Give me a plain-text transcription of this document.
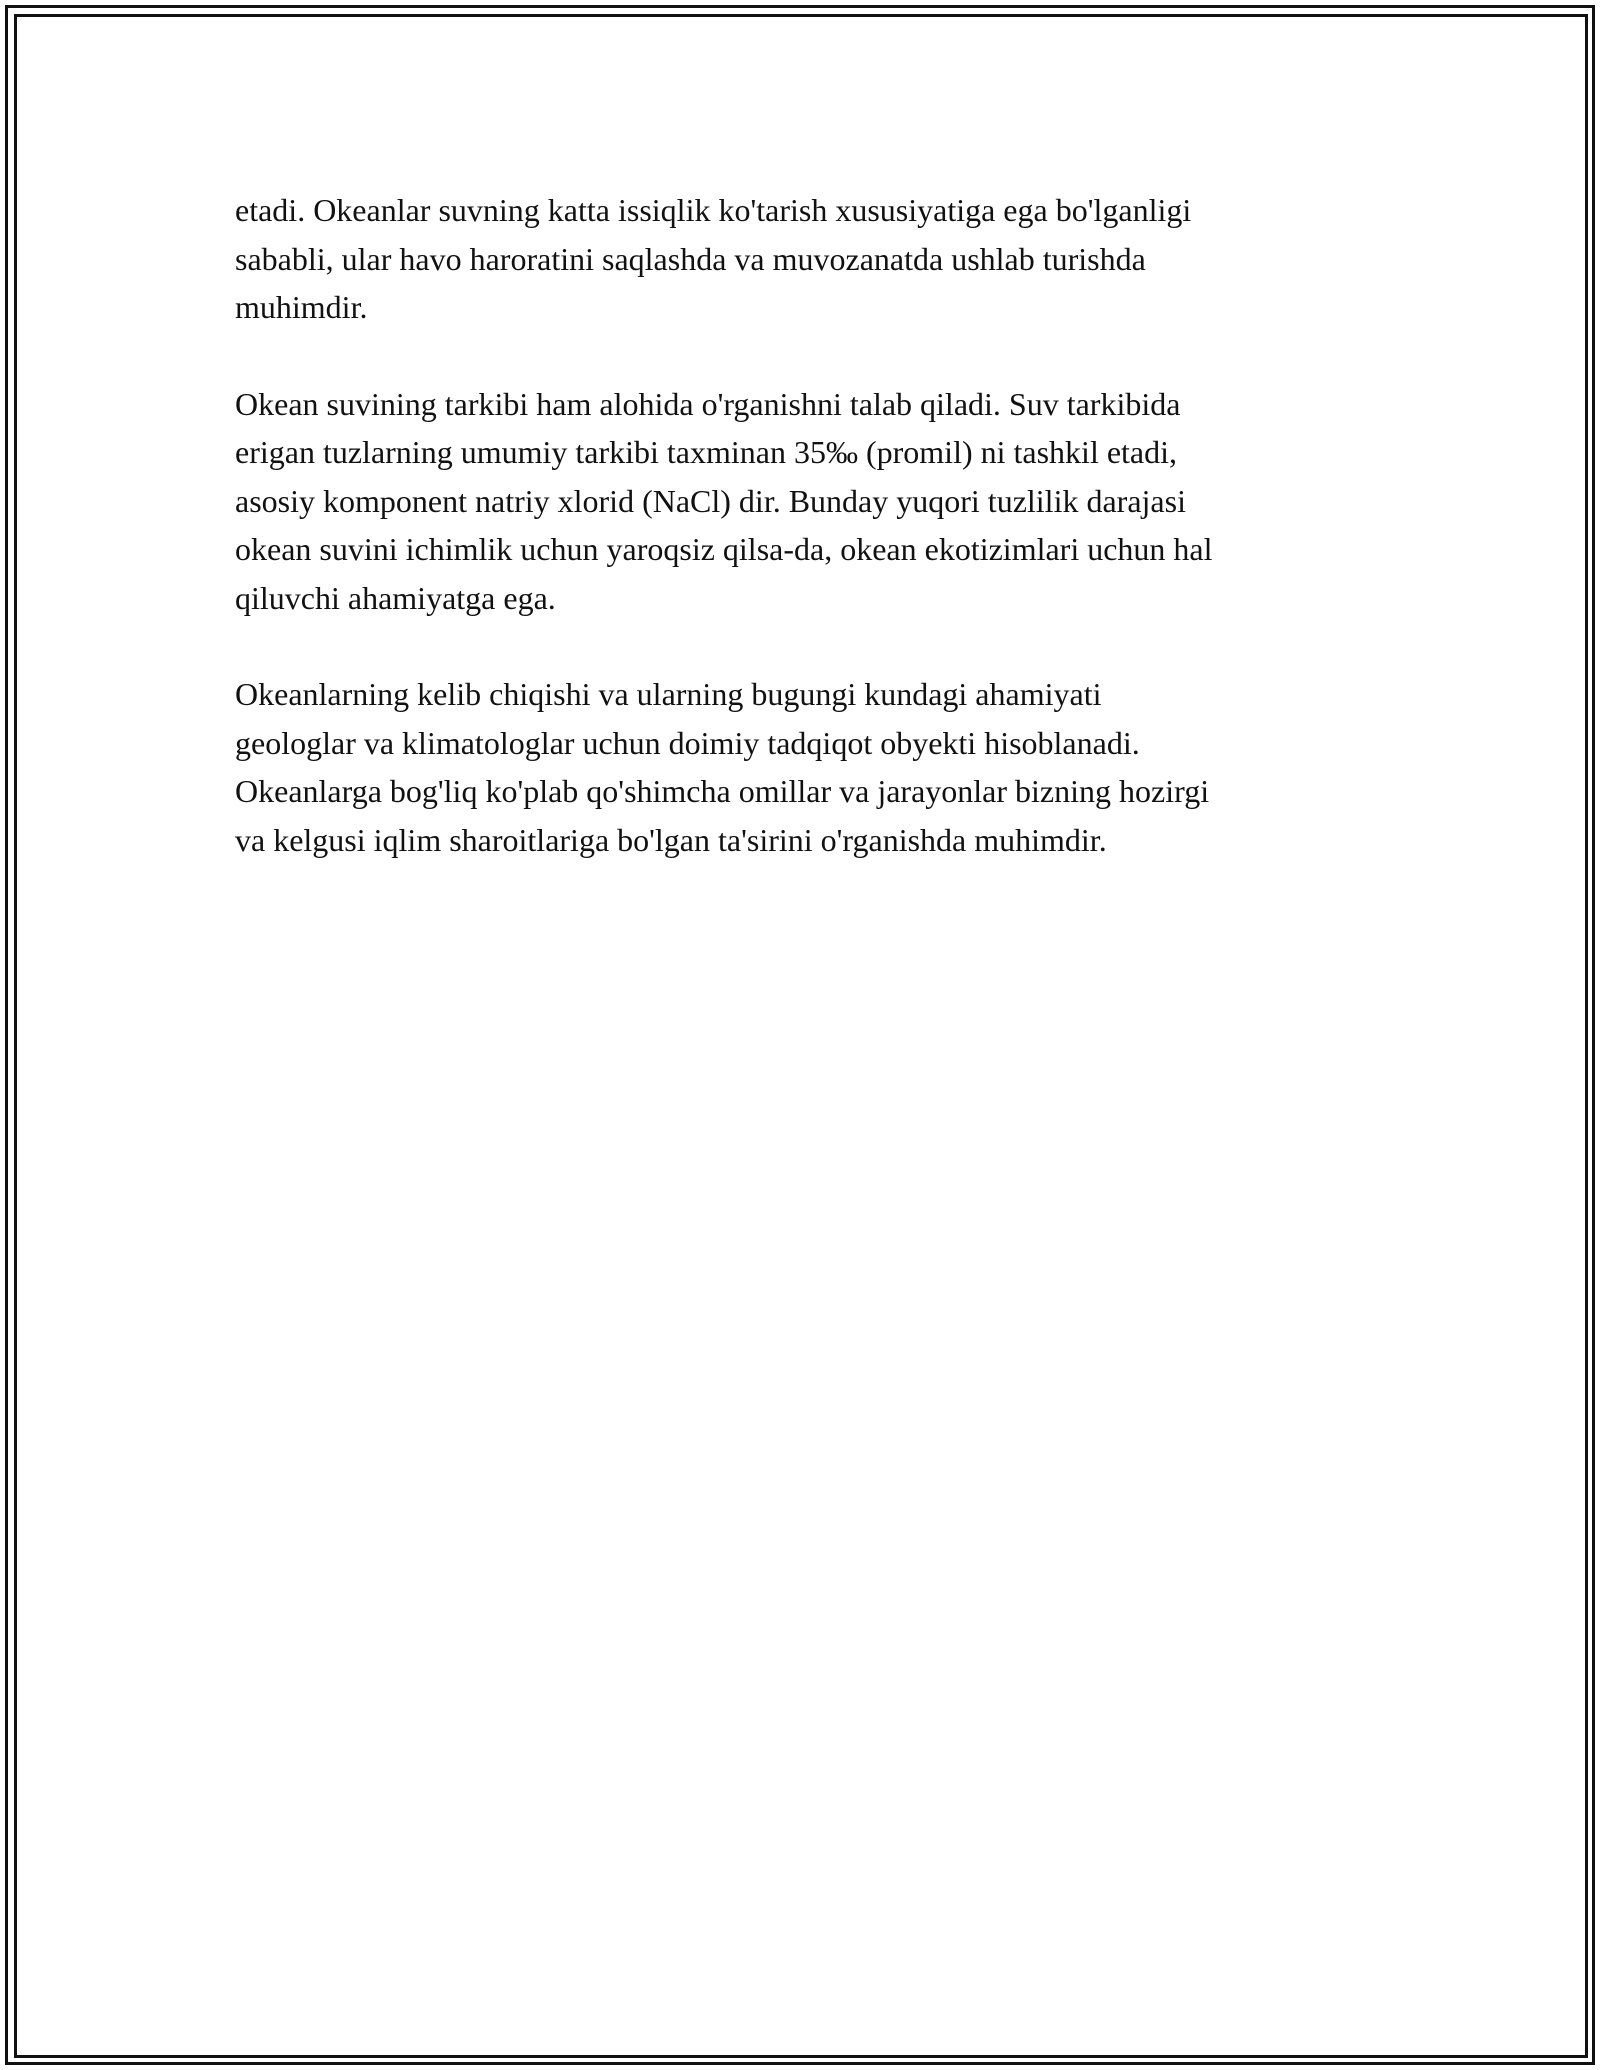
etadi. Okeanlar suvning katta issiqlik ko'tarish xususiyatiga ega bo'lganligi
sababli, ular havo haroratini saqlashda va muvozanatda ushlab turishda
muhimdir.

Okean suvining tarkibi ham alohida o'rganishni talab qiladi. Suv tarkibida
erigan tuzlarning umumiy tarkibi taxminan 35‰ (promil) ni tashkil etadi,
asosiy komponent natriy xlorid (NaCl) dir. Bunday yuqori tuzlilik darajasi
okean suvini ichimlik uchun yaroqsiz qilsa-da, okean ekotizimlari uchun hal
qiluvchi ahamiyatga ega.

Okeanlarning kelib chiqishi va ularning bugungi kundagi ahamiyati
geologlar va klimatologlar uchun doimiy tadqiqot obyekti hisoblanadi.
Okeanlarga bog'liq ko'plab qo'shimcha omillar va jarayonlar bizning hozirgi
va kelgusi iqlim sharoitlariga bo'lgan ta'sirini o'rganishda muhimdir.
